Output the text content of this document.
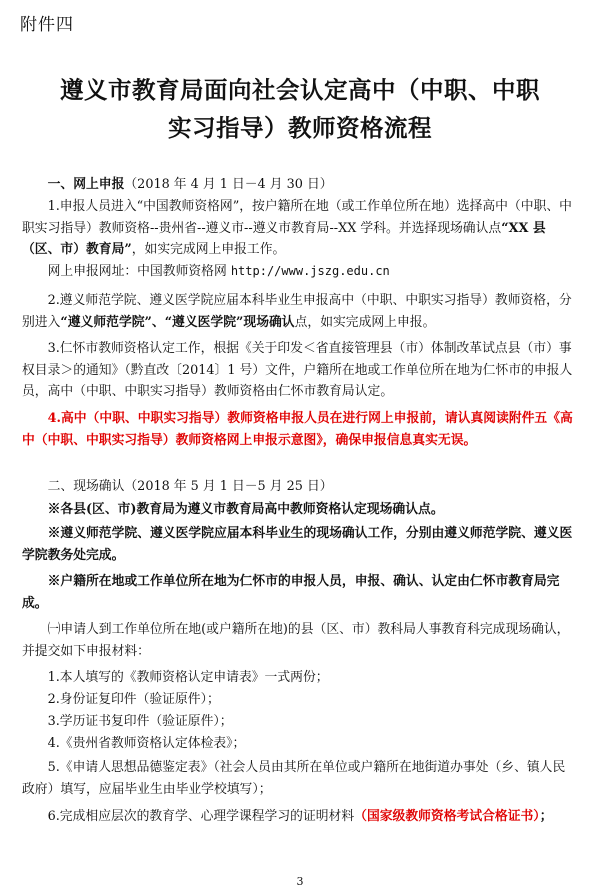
附件四
遵义市教育局面向社会认定高中（中职、中职
实习指导）教师资格流程
一、网上申报（2018 年 4 月 1 日－4 月 30 日）
1.申报人员进入“中国教师资格网”，按户籍所在地（或工作单位所在地）选择高中（中职、中职实习指导）教师资格--贵州省--遵义市--遵义市教育局--XX 学科。并选择现场确认点“XX 县（区、市）教育局”，如实完成网上申报工作。
网上申报网址：中国教师资格网 http://www.jszg.edu.cn
2.遵义师范学院、遵义医学院应届本科毕业生申报高中（中职、中职实习指导）教师资格，分别进入“遵义师范学院”、“遵义医学院”现场确认点，如实完成网上申报。
3.仁怀市教师资格认定工作，根据《关于印发＜省直接管理县（市）体制改革试点县（市）事权目录＞的通知》（黔直改〔2014〕1 号）文件，户籍所在地或工作单位所在地为仁怀市的申报人员，高中（中职、中职实习指导）教师资格由仁怀市教育局认定。
4.高中（中职、中职实习指导）教师资格申报人员在进行网上申报前，请认真阅读附件五《高中（中职、中职实习指导）教师资格网上申报示意图》，确保申报信息真实无误。
二、现场确认（2018 年 5 月 1 日－5 月 25 日）
※各县(区、市)教育局为遵义市教育局高中教师资格认定现场确认点。
※遵义师范学院、遵义医学院应届本科毕业生的现场确认工作，分别由遵义师范学院、遵义医学院教务处完成。
※户籍所在地或工作单位所在地为仁怀市的申报人员，申报、确认、认定由仁怀市教育局完成。
㈠申请人到工作单位所在地(或户籍所在地)的县（区、市）教科局人事教育科完成现场确认，并提交如下申报材料：
1.本人填写的《教师资格认定申请表》一式两份；
2.身份证复印件（验证原件）；
3.学历证书复印件（验证原件）；
4.《贵州省教师资格认定体检表》；
5.《申请人思想品德鉴定表》（社会人员由其所在单位或户籍所在地街道办事处（乡、镇人民政府）填写，应届毕业生由毕业学校填写）；
6.完成相应层次的教育学、心理学课程学习的证明材料（国家级教师资格考试合格证书）；
3
